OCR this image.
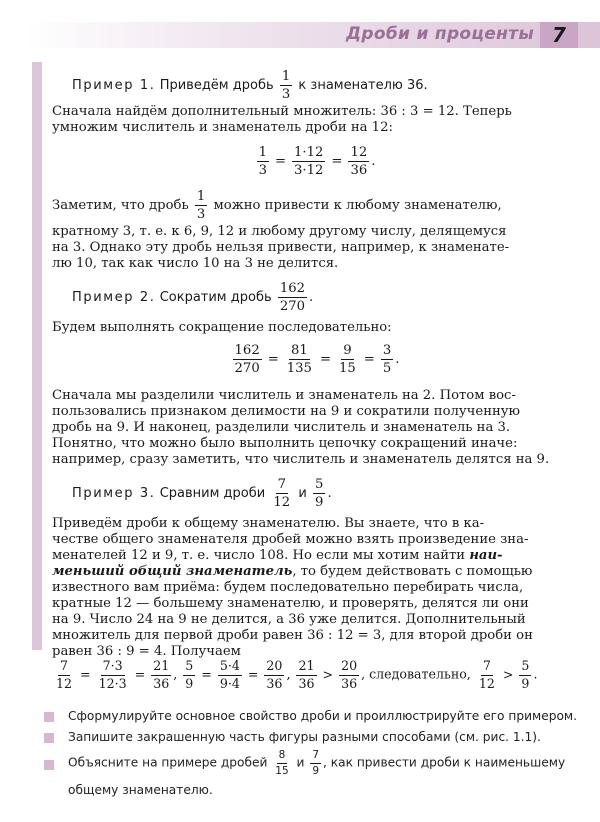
Дроби и проценты 7
Пример 1. Приведём дробь $\frac{1}{3}$ к знаменателю 36.
Сначала найдём дополнительный множитель: 36 : 3 = 12. Теперь
умножим числитель и знаменатель дроби на 12:
$\frac{1}{3} = \frac{1\cdot 12}{3\cdot 12} = \frac{12}{36}$ .
Заметим, что дробь $\frac{1}{3}$ можно привести к любому знаменателю,
кратному 3, т. е. к 6, 9, 12 и любому другому числу, делящемуся
на 3. Однако эту дробь нельзя привести, например, к знаменате-
лю 10, так как число 10 на 3 не делится.
Пример 2. Сократим дробь $\frac{162}{270}$ .
Будем выполнять сокращение последовательно:
$\frac{162}{270} = \frac{81}{135} = \frac{9}{15} = \frac{3}{5}$ .
Сначала мы разделили числитель и знаменатель на 2. Потом вос-
пользовались признаком делимости на 9 и сократили полученную
дробь на 9. И наконец, разделили числитель и знаменатель на 3.
Понятно, что можно было выполнить цепочку сокращений иначе:
например, сразу заметить, что числитель и знаменатель делятся на 9.
Пример 3. Сравним дроби $\frac{7}{12}$ и $\frac{5}{9}$ .
Приведём дроби к общему знаменателю. Вы знаете, что в ка-
честве общего знаменателя дробей можно взять произведение зна-
менателей 12 и 9, т. е. число 108. Но если мы хотим найти наи-
меньший общий знаменатель, то будем действовать с помощью
известного вам приёма: будем последовательно перебирать числа,
кратные 12 — большему знаменателю, и проверять, делятся ли они
на 9. Число 24 на 9 не делится, а 36 уже делится. Дополнительный
множитель для первой дроби равен 36 : 12 = 3, для второй дроби он
равен 36 : 9 = 4. Получаем
$\frac{7}{12} = \frac{7\cdot 3}{12\cdot 3} = \frac{21}{36}$ , $\frac{5}{9} = \frac{5\cdot 4}{9\cdot 4} = \frac{20}{36}$ , $\frac{21}{36} > \frac{20}{36}$ , следовательно, $\frac{7}{12} > \frac{5}{9}$ .
Сформулируйте основное свойство дроби и проиллюстрируйте его примером.
Запишите закрашенную часть фигуры разными способами (см. рис. 1.1).
Объясните на примере дробей $\frac{8}{15}$ и $\frac{7}{9}$ , как привести дроби к наименьшему
общему знаменателю.
